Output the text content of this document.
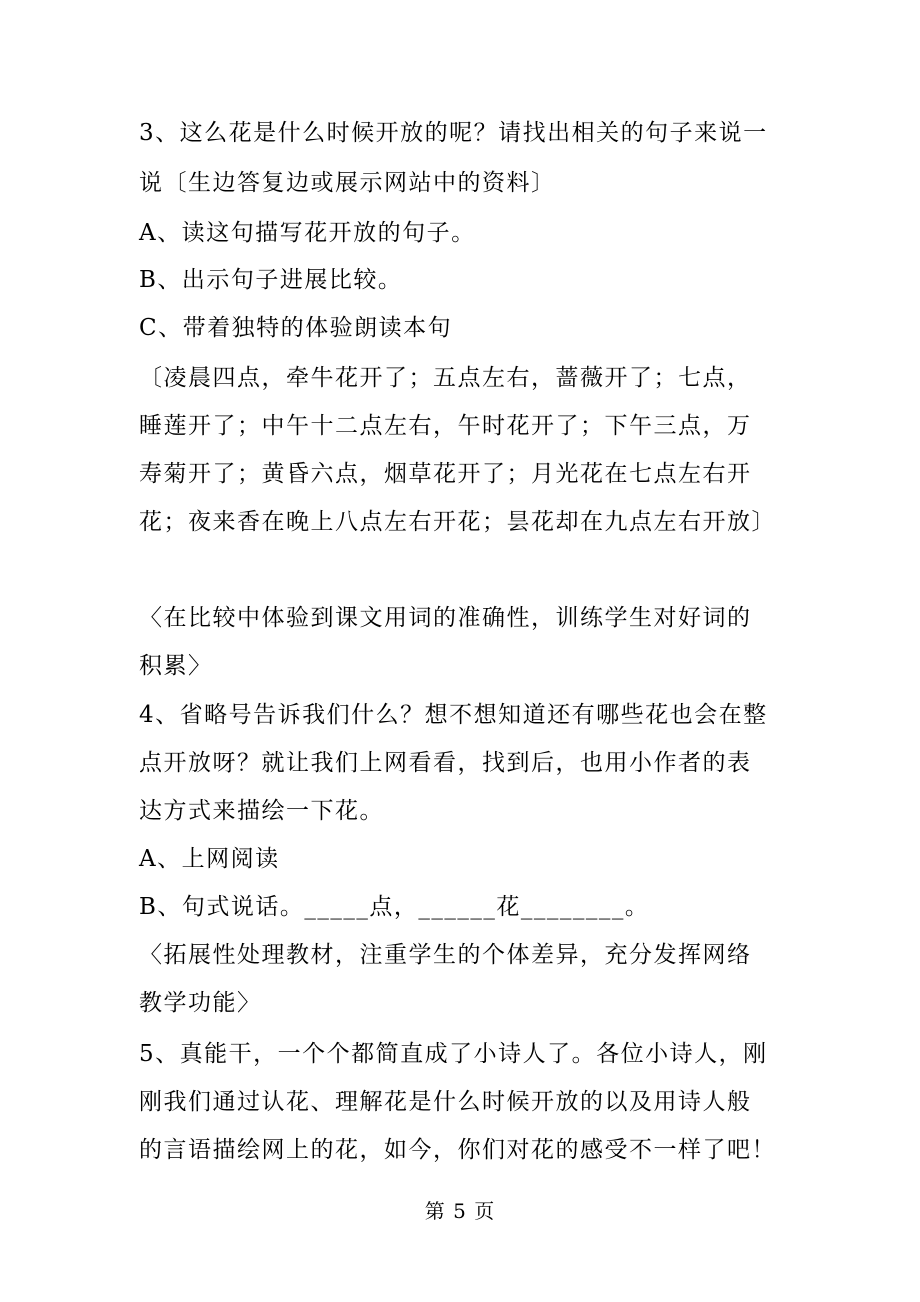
3、这么花是什么时候开放的呢？请找出相关的句子来说一
说〔生边答复边或展示网站中的资料〕
A、读这句描写花开放的句子。
B、出示句子进展比较。
C、带着独特的体验朗读本句
〔凌晨四点，牵牛花开了；五点左右，蔷薇开了；七点，
睡莲开了；中午十二点左右，午时花开了；下午三点，万
寿菊开了；黄昏六点，烟草花开了；月光花在七点左右开
花；夜来香在晚上八点左右开花；昙花却在九点左右开放〕
〈在比较中体验到课文用词的准确性，训练学生对好词的
积累〉
4、省略号告诉我们什么？想不想知道还有哪些花也会在整
点开放呀？就让我们上网看看，找到后，也用小作者的表
达方式来描绘一下花。
A、上网阅读
B、句式说话。_____点，______花________。
〈拓展性处理教材，注重学生的个体差异，充分发挥网络
教学功能〉
5、真能干，一个个都简直成了小诗人了。各位小诗人，刚
刚我们通过认花、理解花是什么时候开放的以及用诗人般
的言语描绘网上的花，如今，你们对花的感受不一样了吧！
第 5 页
